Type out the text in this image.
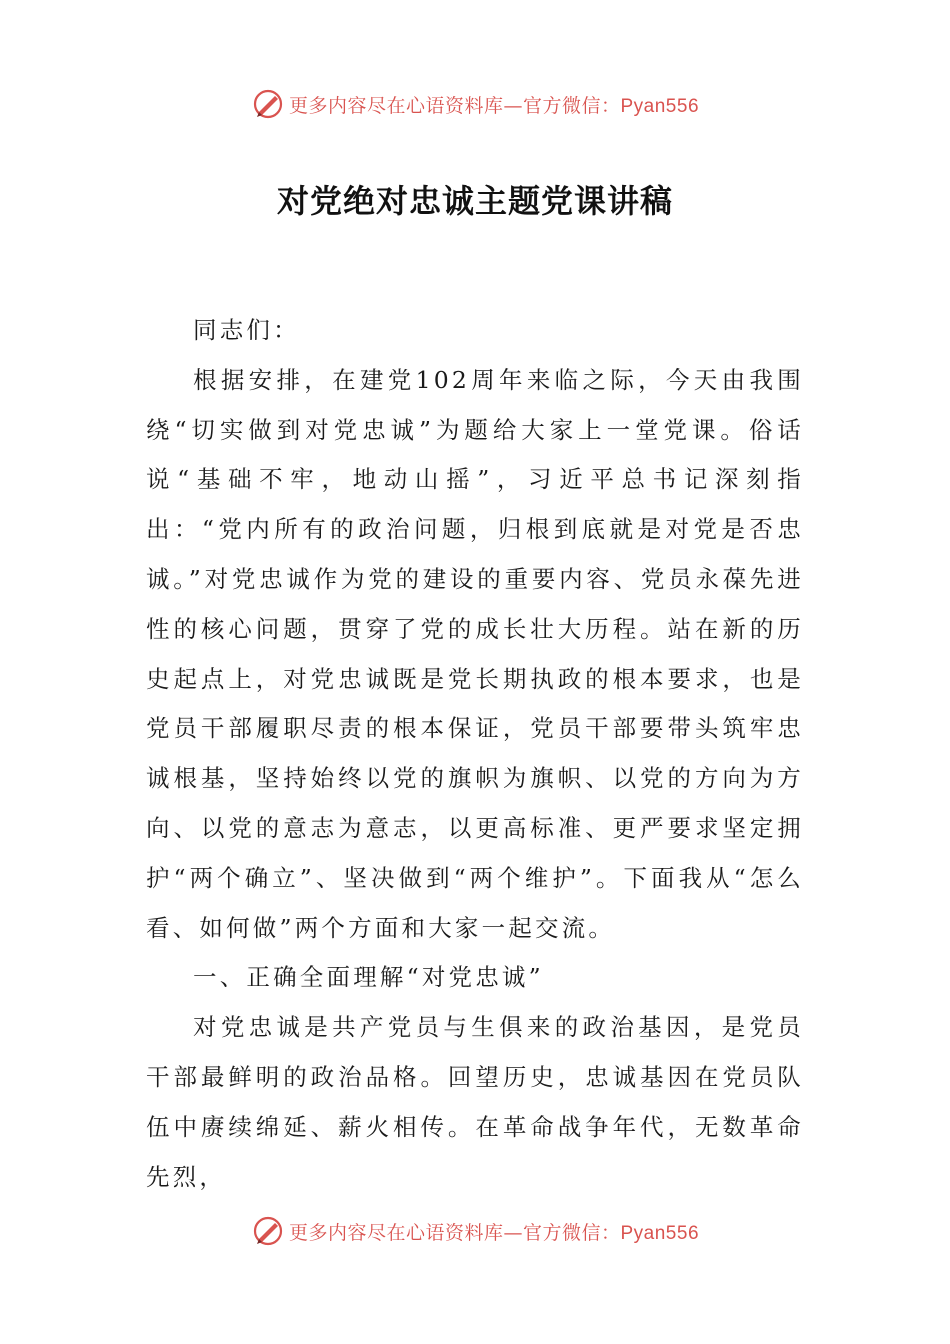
更多内容尽在心语资料库—官方微信：Pyan556
对党绝对忠诚主题党课讲稿

同志们：

根据安排，在建党102周年来临之际，今天由我围绕“切实做到对党忠诚”为题给大家上一堂党课。俗话说“基础不牢，地动山摇”，习近平总书记深刻指出：“党内所有的政治问题，归根到底就是对党是否忠诚。”对党忠诚作为党的建设的重要内容、党员永葆先进性的核心问题，贯穿了党的成长壮大历程。站在新的历史起点上，对党忠诚既是党长期执政的根本要求，也是党员干部履职尽责的根本保证，党员干部要带头筑牢忠诚根基，坚持始终以党的旗帜为旗帜、以党的方向为方向、以党的意志为意志，以更高标准、更严要求坚定拥护“两个确立”、坚决做到“两个维护”。下面我从“怎么看、如何做”两个方面和大家一起交流。

一、正确全面理解“对党忠诚”

对党忠诚是共产党员与生俱来的政治基因，是党员干部最鲜明的政治品格。回望历史，忠诚基因在党员队伍中赓续绵延、薪火相传。在革命战争年代，无数革命先烈，

更多内容尽在心语资料库—官方微信：Pyan556
